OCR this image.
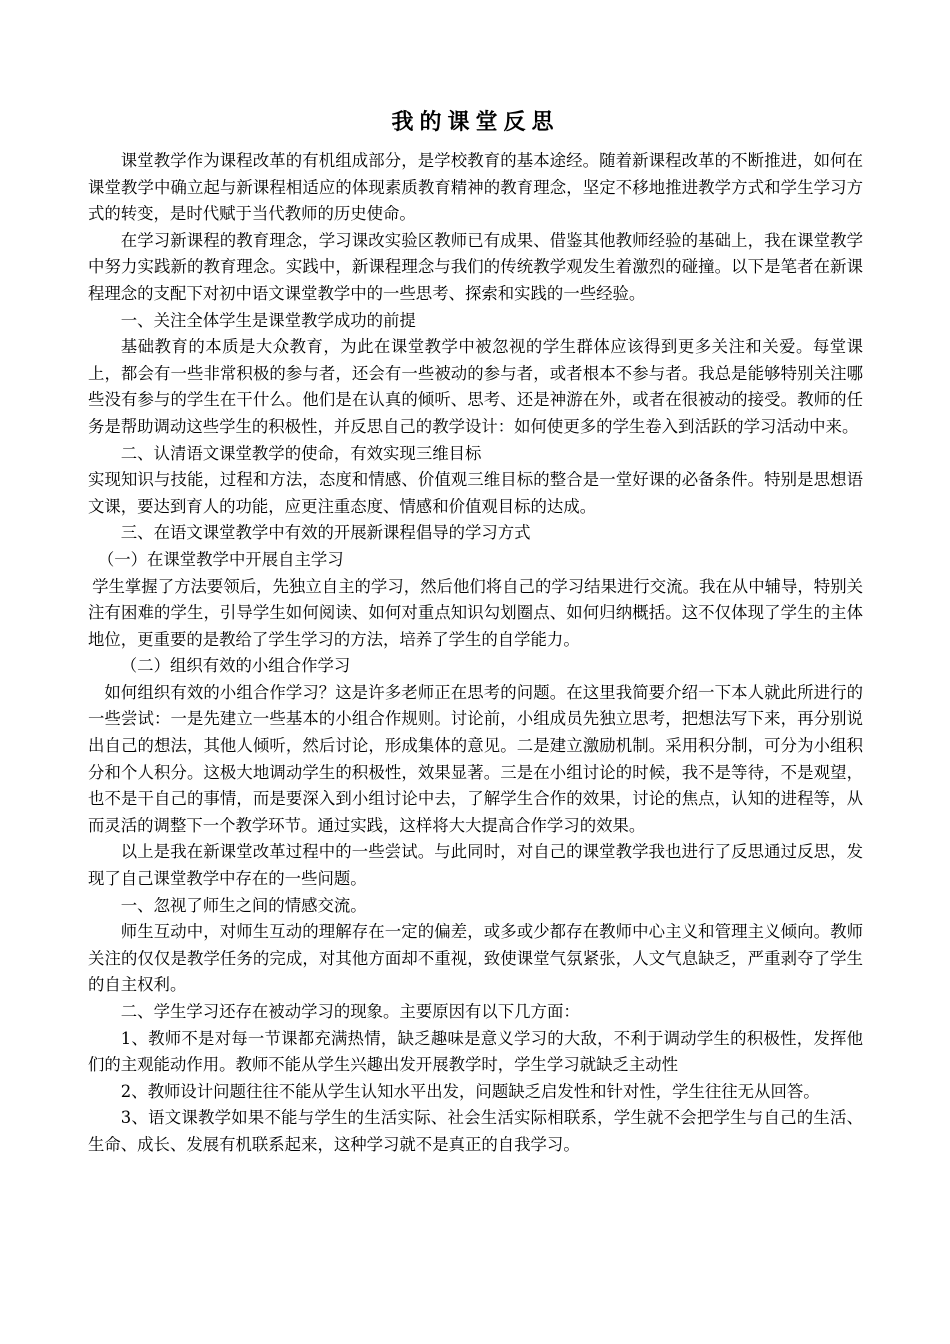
我的课堂反思

课堂教学作为课程改革的有机组成部分，是学校教育的基本途经。随着新课程改革的不断推进，如何在课堂教学中确立起与新课程相适应的体现素质教育精神的教育理念，坚定不移地推进教学方式和学生学习方式的转变，是时代赋于当代教师的历史使命。

在学习新课程的教育理念，学习课改实验区教师已有成果、借鉴其他教师经验的基础上，我在课堂教学中努力实践新的教育理念。实践中，新课程理念与我们的传统教学观发生着激烈的碰撞。以下是笔者在新课程理念的支配下对初中语文课堂教学中的一些思考、探索和实践的一些经验。

一、关注全体学生是课堂教学成功的前提

基础教育的本质是大众教育，为此在课堂教学中被忽视的学生群体应该得到更多关注和关爱。每堂课上，都会有一些非常积极的参与者，还会有一些被动的参与者，或者根本不参与者。我总是能够特别关注哪些没有参与的学生在干什么。他们是在认真的倾听、思考、还是神游在外，或者在很被动的接受。教师的任务是帮助调动这些学生的积极性，并反思自己的教学设计：如何使更多的学生卷入到活跃的学习活动中来。

二、认清语文课堂教学的使命，有效实现三维目标

实现知识与技能，过程和方法，态度和情感、价值观三维目标的整合是一堂好课的必备条件。特别是思想语文课，要达到育人的功能，应更注重态度、情感和价值观目标的达成。

三、在语文课堂教学中有效的开展新课程倡导的学习方式

（一）在课堂教学中开展自主学习

学生掌握了方法要领后，先独立自主的学习，然后他们将自己的学习结果进行交流。我在从中辅导，特别关注有困难的学生，引导学生如何阅读、如何对重点知识勾划圈点、如何归纳概括。这不仅体现了学生的主体地位，更重要的是教给了学生学习的方法，培养了学生的自学能力。

（二）组织有效的小组合作学习

如何组织有效的小组合作学习？这是许多老师正在思考的问题。在这里我简要介绍一下本人就此所进行的一些尝试：一是先建立一些基本的小组合作规则。讨论前，小组成员先独立思考，把想法写下来，再分别说出自己的想法，其他人倾听，然后讨论，形成集体的意见。二是建立激励机制。采用积分制，可分为小组积分和个人积分。这极大地调动学生的积极性，效果显著。三是在小组讨论的时候，我不是等待，不是观望，也不是干自己的事情，而是要深入到小组讨论中去，了解学生合作的效果，讨论的焦点，认知的进程等，从而灵活的调整下一个教学环节。通过实践，这样将大大提高合作学习的效果。

以上是我在新课堂改革过程中的一些尝试。与此同时，对自己的课堂教学我也进行了反思通过反思，发现了自己课堂教学中存在的一些问题。

一、忽视了师生之间的情感交流。

师生互动中，对师生互动的理解存在一定的偏差，或多或少都存在教师中心主义和管理主义倾向。教师关注的仅仅是教学任务的完成，对其他方面却不重视，致使课堂气氛紧张，人文气息缺乏，严重剥夺了学生的自主权利。

二、学生学习还存在被动学习的现象。主要原因有以下几方面：

1、教师不是对每一节课都充满热情，缺乏趣味是意义学习的大敌，不利于调动学生的积极性，发挥他们的主观能动作用。教师不能从学生兴趣出发开展教学时，学生学习就缺乏主动性

2、教师设计问题往往不能从学生认知水平出发，问题缺乏启发性和针对性，学生往往无从回答。

3、语文课教学如果不能与学生的生活实际、社会生活实际相联系，学生就不会把学生与自己的生活、生命、成长、发展有机联系起来，这种学习就不是真正的自我学习。
